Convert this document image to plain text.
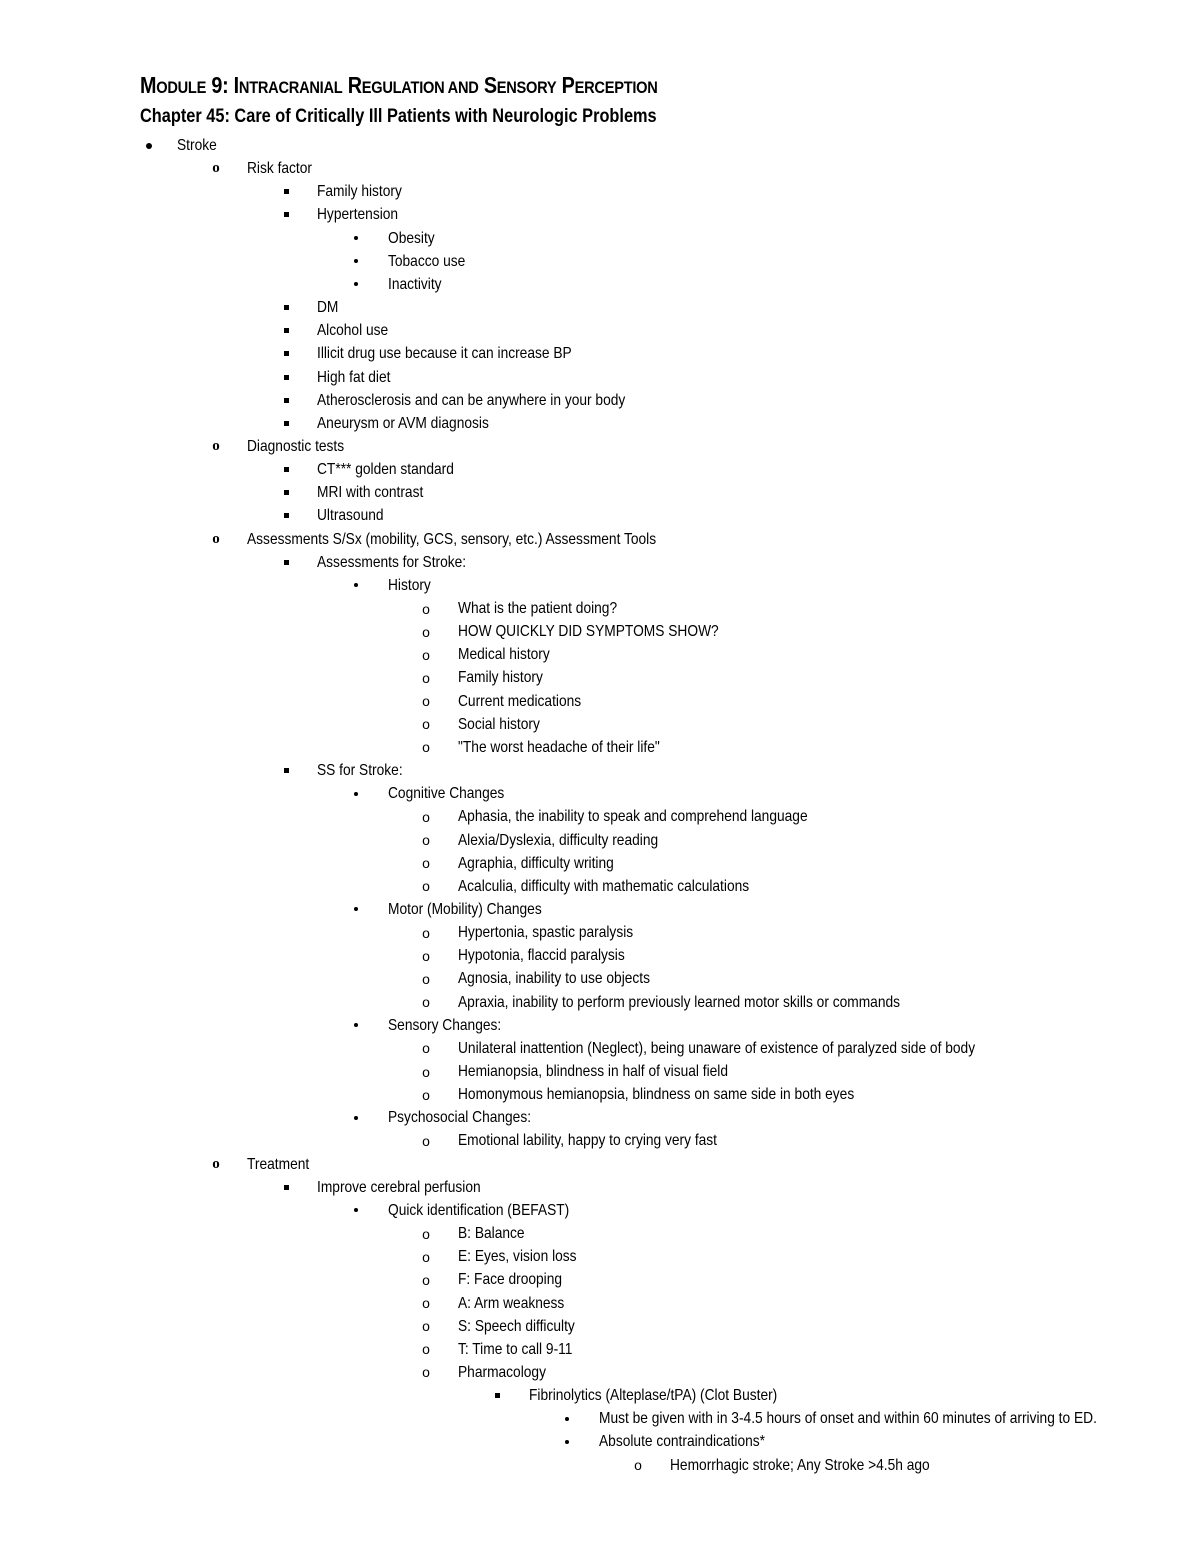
MODULE 9: INTRACRANIAL REGULATION AND SENSORY PERCEPTION
Chapter 45: Care of Critically Ill Patients with Neurologic Problems
Stroke
o
Risk factor
Family history
Hypertension
Obesity
Tobacco use
Inactivity
DM
Alcohol use
Illicit drug use because it can increase BP
High fat diet
Atherosclerosis and can be anywhere in your body
Aneurysm or AVM diagnosis
o
Diagnostic tests
CT*** golden standard
MRI with contrast
Ultrasound
o
Assessments S/Sx (mobility, GCS, sensory, etc.) Assessment Tools
Assessments for Stroke:
History
o
What is the patient doing?
o
HOW QUICKLY DID SYMPTOMS SHOW?
o
Medical history
o
Family history
o
Current medications
o
Social history
o
"The worst headache of their life"
SS for Stroke:
Cognitive Changes
o
Aphasia, the inability to speak and comprehend language
o
Alexia/Dyslexia, difficulty reading
o
Agraphia, difficulty writing
o
Acalculia, difficulty with mathematic calculations
Motor (Mobility) Changes
o
Hypertonia, spastic paralysis
o
Hypotonia, flaccid paralysis
o
Agnosia, inability to use objects
o
Apraxia, inability to perform previously learned motor skills or commands
Sensory Changes:
o
Unilateral inattention (Neglect), being unaware of existence of paralyzed side of body
o
Hemianopsia, blindness in half of visual field
o
Homonymous hemianopsia, blindness on same side in both eyes
Psychosocial Changes:
o
Emotional lability, happy to crying very fast
o
Treatment
Improve cerebral perfusion
Quick identification (BEFAST)
o
B: Balance
o
E: Eyes, vision loss
o
F: Face drooping
o
A: Arm weakness
o
S: Speech difficulty
o
T: Time to call 9-11
o
Pharmacology
Fibrinolytics (Alteplase/tPA) (Clot Buster)
Must be given with in 3-4.5 hours of onset and within 60 minutes of arriving to ED.
Absolute contraindications*
o
Hemorrhagic stroke; Any Stroke >4.5h ago
